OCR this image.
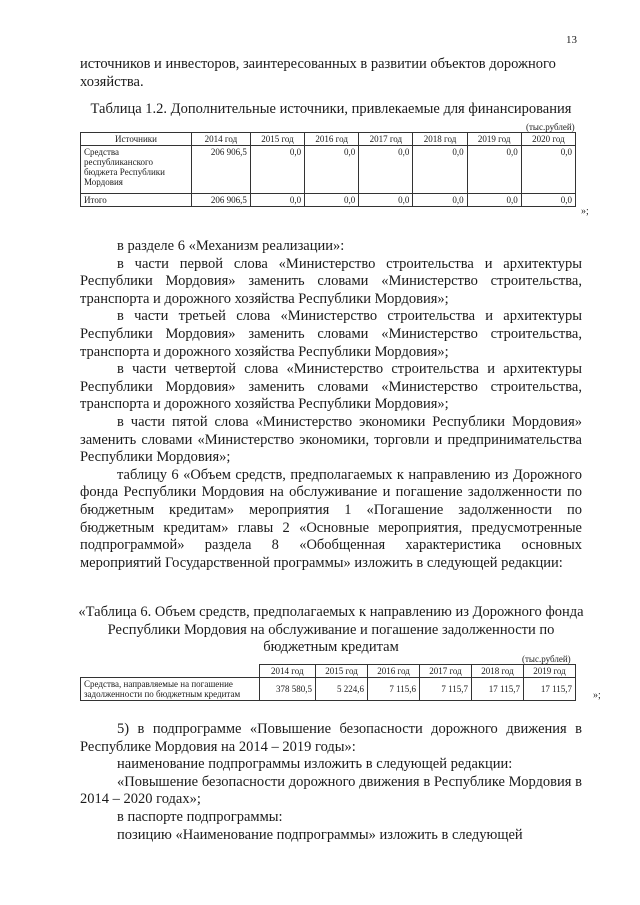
13

источников и инвесторов, заинтересованных в развитии объектов дорожного

хозяйства.

Таблица 1.2. Дополнительные источники, привлекаемые для финансирования
(тыс.рублей)
Источники	2014 год	2015 год	2016 год	2017 год	2018 год	2019 год	2020 год
Средства республиканского бюджета Республики Мордовия	206 906,5	0,0	0,0	0,0	0,0	0,0	0,0
Итого	206 906,5	0,0	0,0	0,0	0,0	0,0	0,0
»;

в разделе 6 «Механизм реализации»:

в части первой слова «Министерство строительства и архитектуры Республики Мордовия» заменить словами «Министерство строительства, транспорта и дорожного хозяйства Республики Мордовия»;

в части третьей слова «Министерство строительства и архитектуры Республики Мордовия» заменить словами «Министерство строительства, транспорта и дорожного хозяйства Республики Мордовия»;

в части четвертой слова «Министерство строительства и архитектуры Республики Мордовия» заменить словами «Министерство строительства, транспорта и дорожного хозяйства Республики Мордовия»;

в части пятой слова «Министерство экономики Республики Мордовия» заменить словами «Министерство экономики, торговли и предпринимательства Республики Мордовия»;

таблицу 6 «Объем средств, предполагаемых к направлению из Дорожного фонда Республики Мордовия на обслуживание и погашение задолженности по бюджетным кредитам» мероприятия 1 «Погашение задолженности по бюджетным кредитам» главы 2 «Основные мероприятия, предусмотренные подпрограммой» раздела 8 «Обобщенная характеристика основных мероприятий Государственной программы» изложить в следующей редакции:

«Таблица 6. Объем средств, предполагаемых к направлению из Дорожного фонда Республики Мордовия на обслуживание и погашение задолженности по бюджетным кредитам
(тыс.рублей)
	2014 год	2015 год	2016 год	2017 год	2018 год	2019 год
Средства, направляемые на погашение задолженности по бюджетным кредитам	378 580,5	5 224,6	7 115,6	7 115,7	17 115,7	17 115,7
»;

5) в подпрограмме «Повышение безопасности дорожного движения в Республике Мордовия на 2014 – 2019 годы»:

наименование подпрограммы изложить в следующей редакции:

«Повышение безопасности дорожного движения в Республике Мордовия в 2014 – 2020 годах»;

в паспорте подпрограммы:

позицию «Наименование подпрограммы» изложить в следующей
